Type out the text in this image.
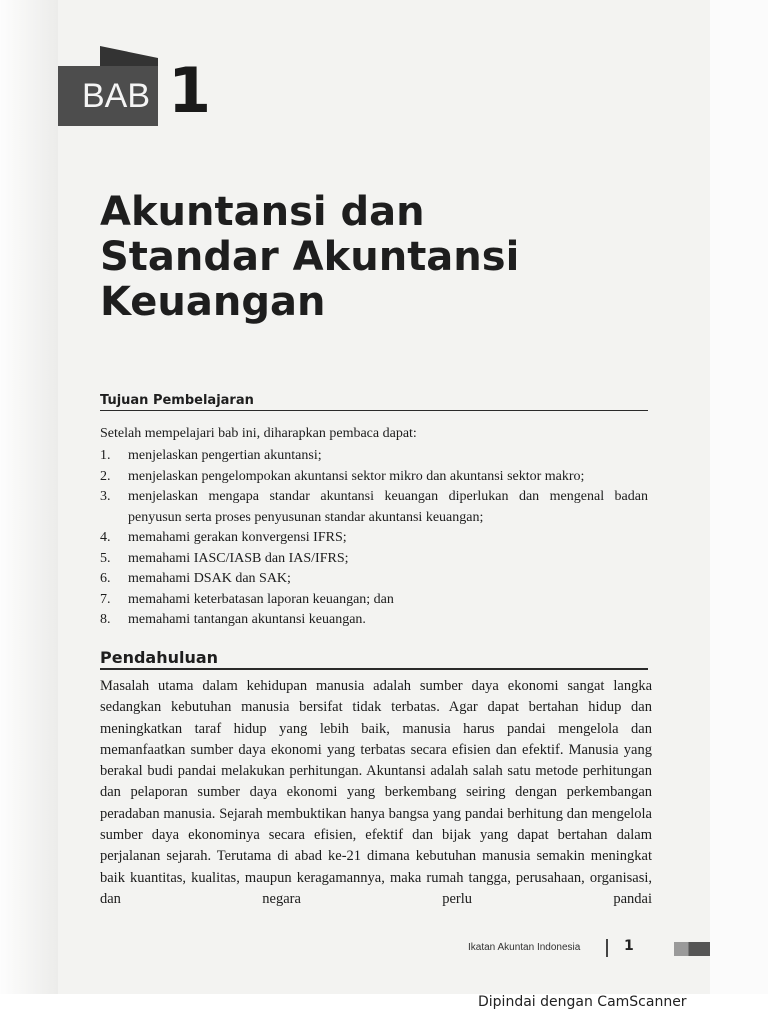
BAB 1
Akuntansi dan
Standar Akuntansi
Keuangan
Tujuan Pembelajaran

Setelah mempelajari bab ini, diharapkan pembaca dapat:

1.	menjelaskan pengertian akuntansi;
2.	menjelaskan pengelompokan akuntansi sektor mikro dan akuntansi sektor makro;
3.	menjelaskan mengapa standar akuntansi keuangan diperlukan dan mengenal badan penyusun serta proses penyusunan standar akuntansi keuangan;
4.	memahami gerakan konvergensi IFRS;
5.	memahami IASC/IASB dan IAS/IFRS;
6.	memahami DSAK dan SAK;
7.	memahami keterbatasan laporan keuangan; dan
8.	memahami tantangan akuntansi keuangan.
Pendahuluan

Masalah utama dalam kehidupan manusia adalah sumber daya ekonomi sangat langka sedangkan kebutuhan manusia bersifat tidak terbatas. Agar dapat bertahan hidup dan meningkatkan taraf hidup yang lebih baik, manusia harus pandai mengelola dan memanfaatkan sumber daya ekonomi yang terbatas secara efisien dan efektif. Manusia yang berakal budi pandai melakukan perhitungan. Akuntansi adalah salah satu metode perhitungan dan pelaporan sumber daya ekonomi yang berkembang seiring dengan perkembangan peradaban manusia. Sejarah membuktikan hanya bangsa yang pandai berhitung dan mengelola sumber daya ekonominya secara efisien, efektif dan bijak yang dapat bertahan dalam perjalanan sejarah. Terutama di abad ke-21 dimana kebutuhan manusia semakin meningkat baik kuantitas, kualitas, maupun keragamannya, maka rumah tangga, perusahaan, organisasi, dan negara perlu pandai

Ikatan Akuntan Indonesia	1
Dipindai dengan CamScanner
